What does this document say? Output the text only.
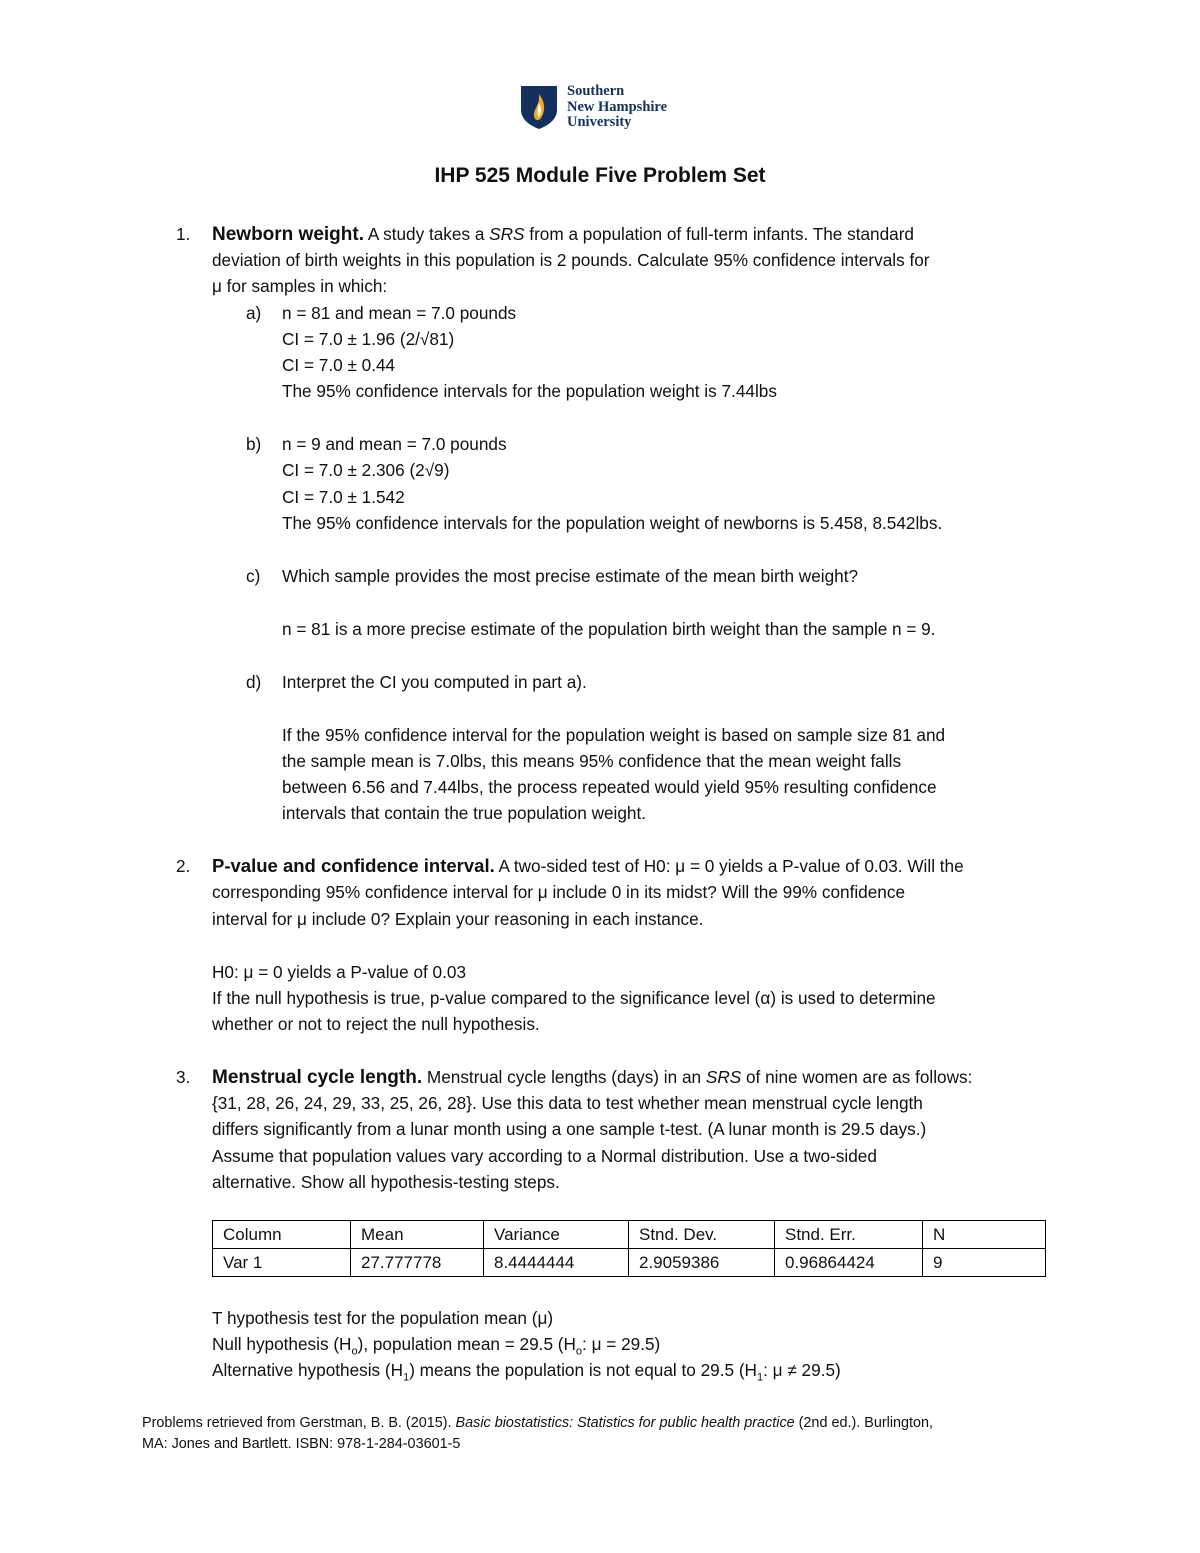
Southern
New Hampshire
University
IHP 525 Module Five Problem Set
1. Newborn weight. A study takes a SRS from a population of full-term infants. The standard
deviation of birth weights in this population is 2 pounds. Calculate 95% confidence intervals for
μ for samples in which:
a) n = 81 and mean = 7.0 pounds
CI = 7.0 ± 1.96 (2/√81)
CI = 7.0 ± 0.44
The 95% confidence intervals for the population weight is 7.44lbs
b) n = 9 and mean = 7.0 pounds
CI = 7.0 ± 2.306 (2√9)
CI = 7.0 ± 1.542
The 95% confidence intervals for the population weight of newborns is 5.458, 8.542lbs.
c) Which sample provides the most precise estimate of the mean birth weight?
n = 81 is a more precise estimate of the population birth weight than the sample n = 9.
d) Interpret the CI you computed in part a).
If the 95% confidence interval for the population weight is based on sample size 81 and
the sample mean is 7.0lbs, this means 95% confidence that the mean weight falls
between 6.56 and 7.44lbs, the process repeated would yield 95% resulting confidence
intervals that contain the true population weight.
2. P-value and confidence interval. A two-sided test of H0: μ = 0 yields a P-value of 0.03. Will the
corresponding 95% confidence interval for μ include 0 in its midst? Will the 99% confidence
interval for μ include 0? Explain your reasoning in each instance.
H0: μ = 0 yields a P-value of 0.03
If the null hypothesis is true, p-value compared to the significance level (α) is used to determine
whether or not to reject the null hypothesis.
3. Menstrual cycle length. Menstrual cycle lengths (days) in an SRS of nine women are as follows:
{31, 28, 26, 24, 29, 33, 25, 26, 28}. Use this data to test whether mean menstrual cycle length
differs significantly from a lunar month using a one sample t-test. (A lunar month is 29.5 days.)
Assume that population values vary according to a Normal distribution. Use a two-sided
alternative. Show all hypothesis-testing steps.
Column	Mean	Variance	Stnd. Dev.	Stnd. Err.	N
Var 1	27.777778	8.4444444	2.9059386	0.96864424	9
T hypothesis test for the population mean (μ)
Null hypothesis $(H_o)$, population mean = 29.5 ($H_o$: μ = 29.5)
Alternative hypothesis $(H_1)$ means the population is not equal to 29.5 ($H_1$: μ ≠ 29.5)
Problems retrieved from Gerstman, B. B. (2015). Basic biostatistics: Statistics for public health practice (2nd ed.). Burlington,
MA: Jones and Bartlett. ISBN: 978-1-284-03601-5
